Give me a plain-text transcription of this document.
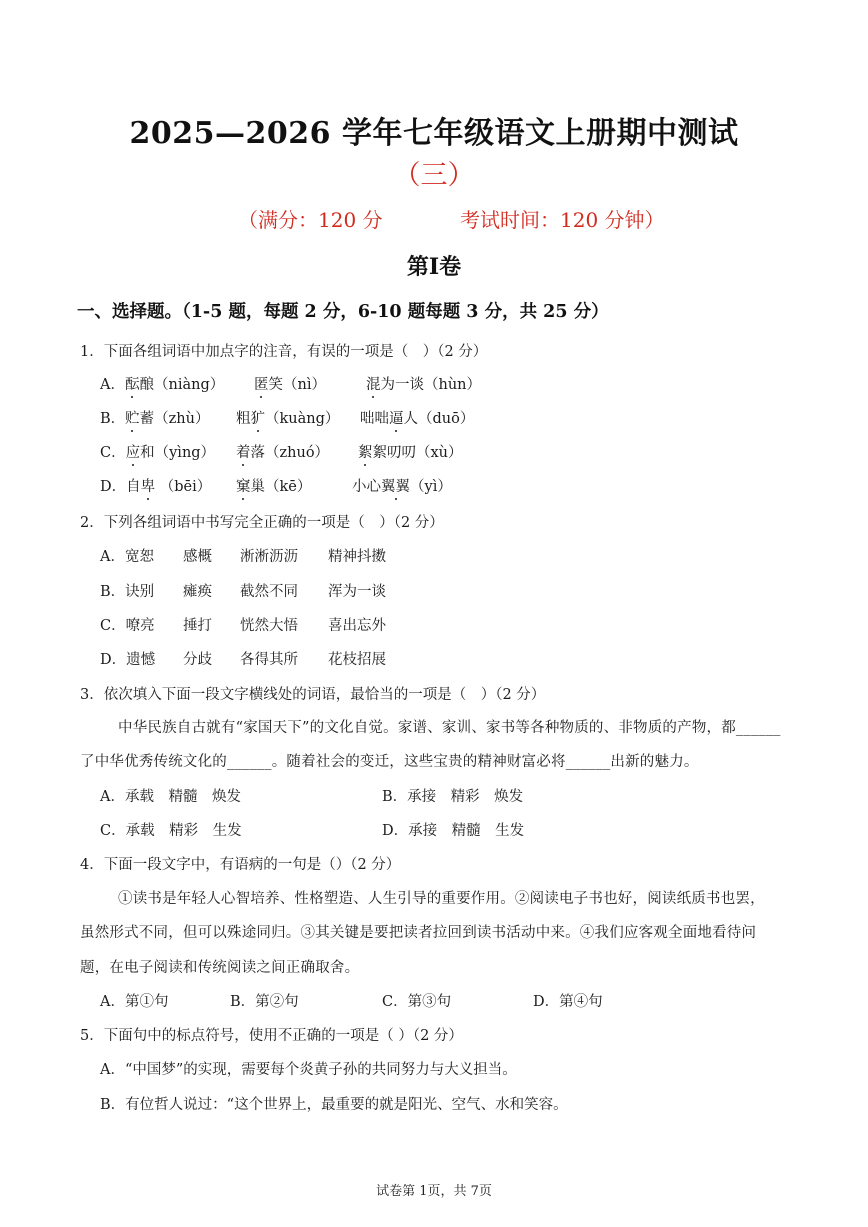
2025—2026 学年七年级语文上册期中测试
（三）
（满分：120 分	考试时间：120 分钟）
第Ⅰ卷
一、选择题。（1-5 题，每题 2 分，6-10 题每题 3 分，共 25 分）
1．下面各组词语中加点字的注音，有误的一项是（　）（2 分）
A．酝酿（niàng） 匿笑（nì）	混为一谈（hùn）
B．贮蓄（zhù） 粗犷（kuàng） 咄咄逼人（duō）
C．应和（yìng） 着落（zhuó） 絮絮叨叨（xù）
D．自卑 （bēi） 窠巢（kē）	小心翼翼（yì）
2．下列各组词语中书写完全正确的一项是（　）（2 分）
A．宽恕 感概 淅淅沥沥 精神抖擞
B．诀别 瘫痪 截然不同 浑为一谈
C．嘹亮 捶打 恍然大悟 喜出忘外
D．遗憾 分歧 各得其所 花枝招展
3．依次填入下面一段文字横线处的词语，最恰当的一项是（　）（2 分）
中华民族自古就有“家国天下”的文化自觉。家谱、家训、家书等各种物质的、非物质的产物，都______
了中华优秀传统文化的______。随着社会的变迁，这些宝贵的精神财富必将______出新的魅力。
A．承载　精髓　焕发	B．承接　精彩　焕发
C．承载　精彩　生发	D．承接　精髓　生发
4．下面一段文字中，有语病的一句是（）（2 分）
①读书是年轻人心智培养、性格塑造、人生引导的重要作用。②阅读电子书也好，阅读纸质书也罢，
虽然形式不同，但可以殊途同归。③其关键是要把读者拉回到读书活动中来。④我们应客观全面地看待问
题，在电子阅读和传统阅读之间正确取舍。
A．第①句	B．第②句	C．第③句	D．第④句
5．下面句中的标点符号，使用不正确的一项是（ ）（2 分）
A．“中国梦”的实现，需要每个炎黄子孙的共同努力与大义担当。
B．有位哲人说过：“这个世界上，最重要的就是阳光、空气、水和笑容。
试卷第 1页，共 7页
